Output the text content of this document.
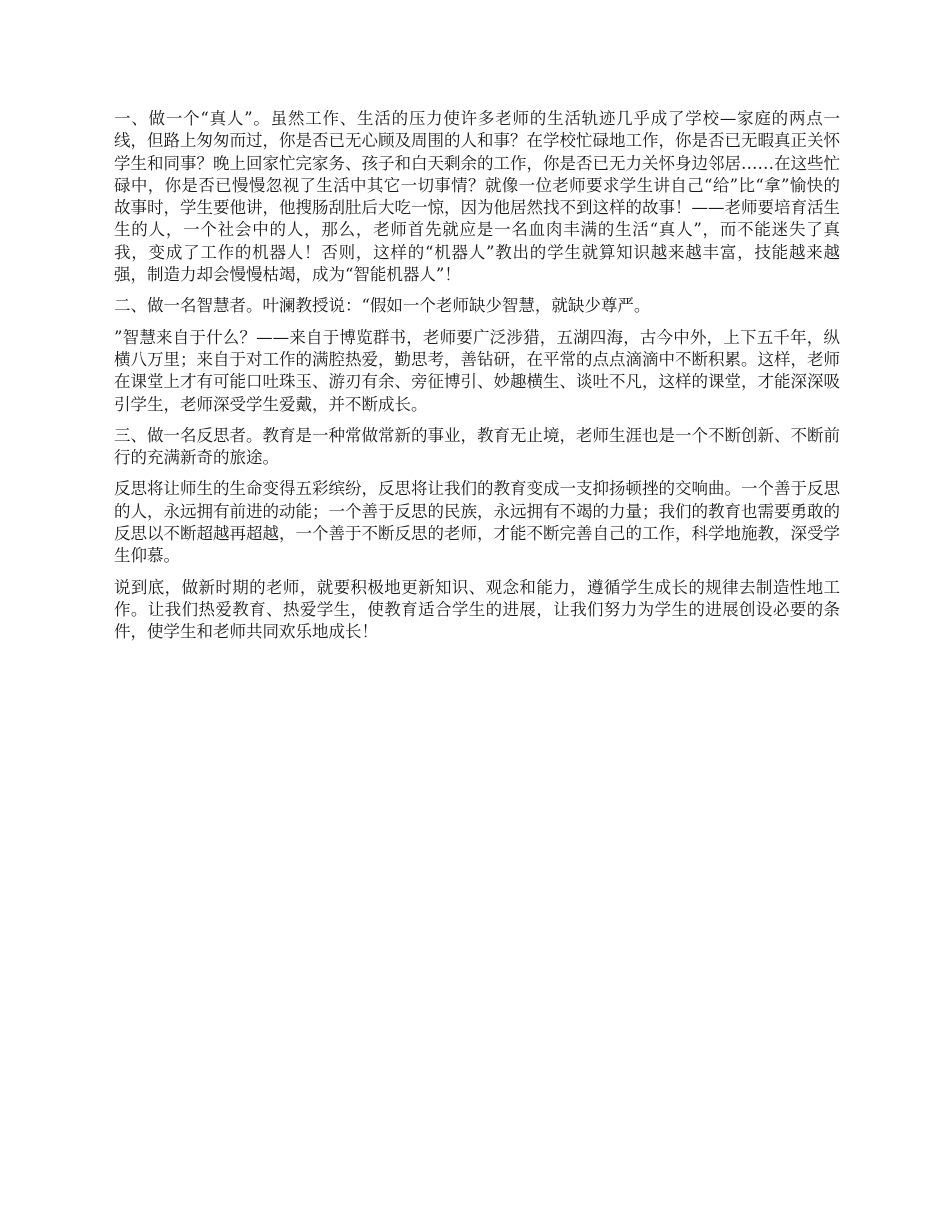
一、做一个“真人”。虽然工作、生活的压力使许多老师的生活轨迹几乎成了学校—家庭的两点一线，但路上匆匆而过，你是否已无心顾及周围的人和事？在学校忙碌地工作，你是否已无暇真正关怀学生和同事？晚上回家忙完家务、孩子和白天剩余的工作，你是否已无力关怀身边邻居……在这些忙碌中，你是否已慢慢忽视了生活中其它一切事情？就像一位老师要求学生讲自己“给”比“拿”愉快的故事时，学生要他讲，他搜肠刮肚后大吃一惊，因为他居然找不到这样的故事！——老师要培育活生生的人，一个社会中的人，那么，老师首先就应是一名血肉丰满的生活“真人”，而不能迷失了真我，变成了工作的机器人！否则，这样的“机器人”教出的学生就算知识越来越丰富，技能越来越强，制造力却会慢慢枯竭，成为“智能机器人”！

二、做一名智慧者。叶澜教授说：“假如一个老师缺少智慧，就缺少尊严。

”智慧来自于什么？——来自于博览群书，老师要广泛涉猎，五湖四海，古今中外，上下五千年，纵横八万里；来自于对工作的满腔热爱，勤思考，善钻研，在平常的点点滴滴中不断积累。这样，老师在课堂上才有可能口吐珠玉、游刃有余、旁征博引、妙趣横生、谈吐不凡，这样的课堂，才能深深吸引学生，老师深受学生爱戴，并不断成长。

三、做一名反思者。教育是一种常做常新的事业，教育无止境，老师生涯也是一个不断创新、不断前行的充满新奇的旅途。

反思将让师生的生命变得五彩缤纷，反思将让我们的教育变成一支抑扬顿挫的交响曲。一个善于反思的人，永远拥有前进的动能；一个善于反思的民族，永远拥有不竭的力量；我们的教育也需要勇敢的反思以不断超越再超越，一个善于不断反思的老师，才能不断完善自己的工作，科学地施教，深受学生仰慕。

说到底，做新时期的老师，就要积极地更新知识、观念和能力，遵循学生成长的规律去制造性地工作。让我们热爱教育、热爱学生，使教育适合学生的进展，让我们努力为学生的进展创设必要的条件，使学生和老师共同欢乐地成长！
